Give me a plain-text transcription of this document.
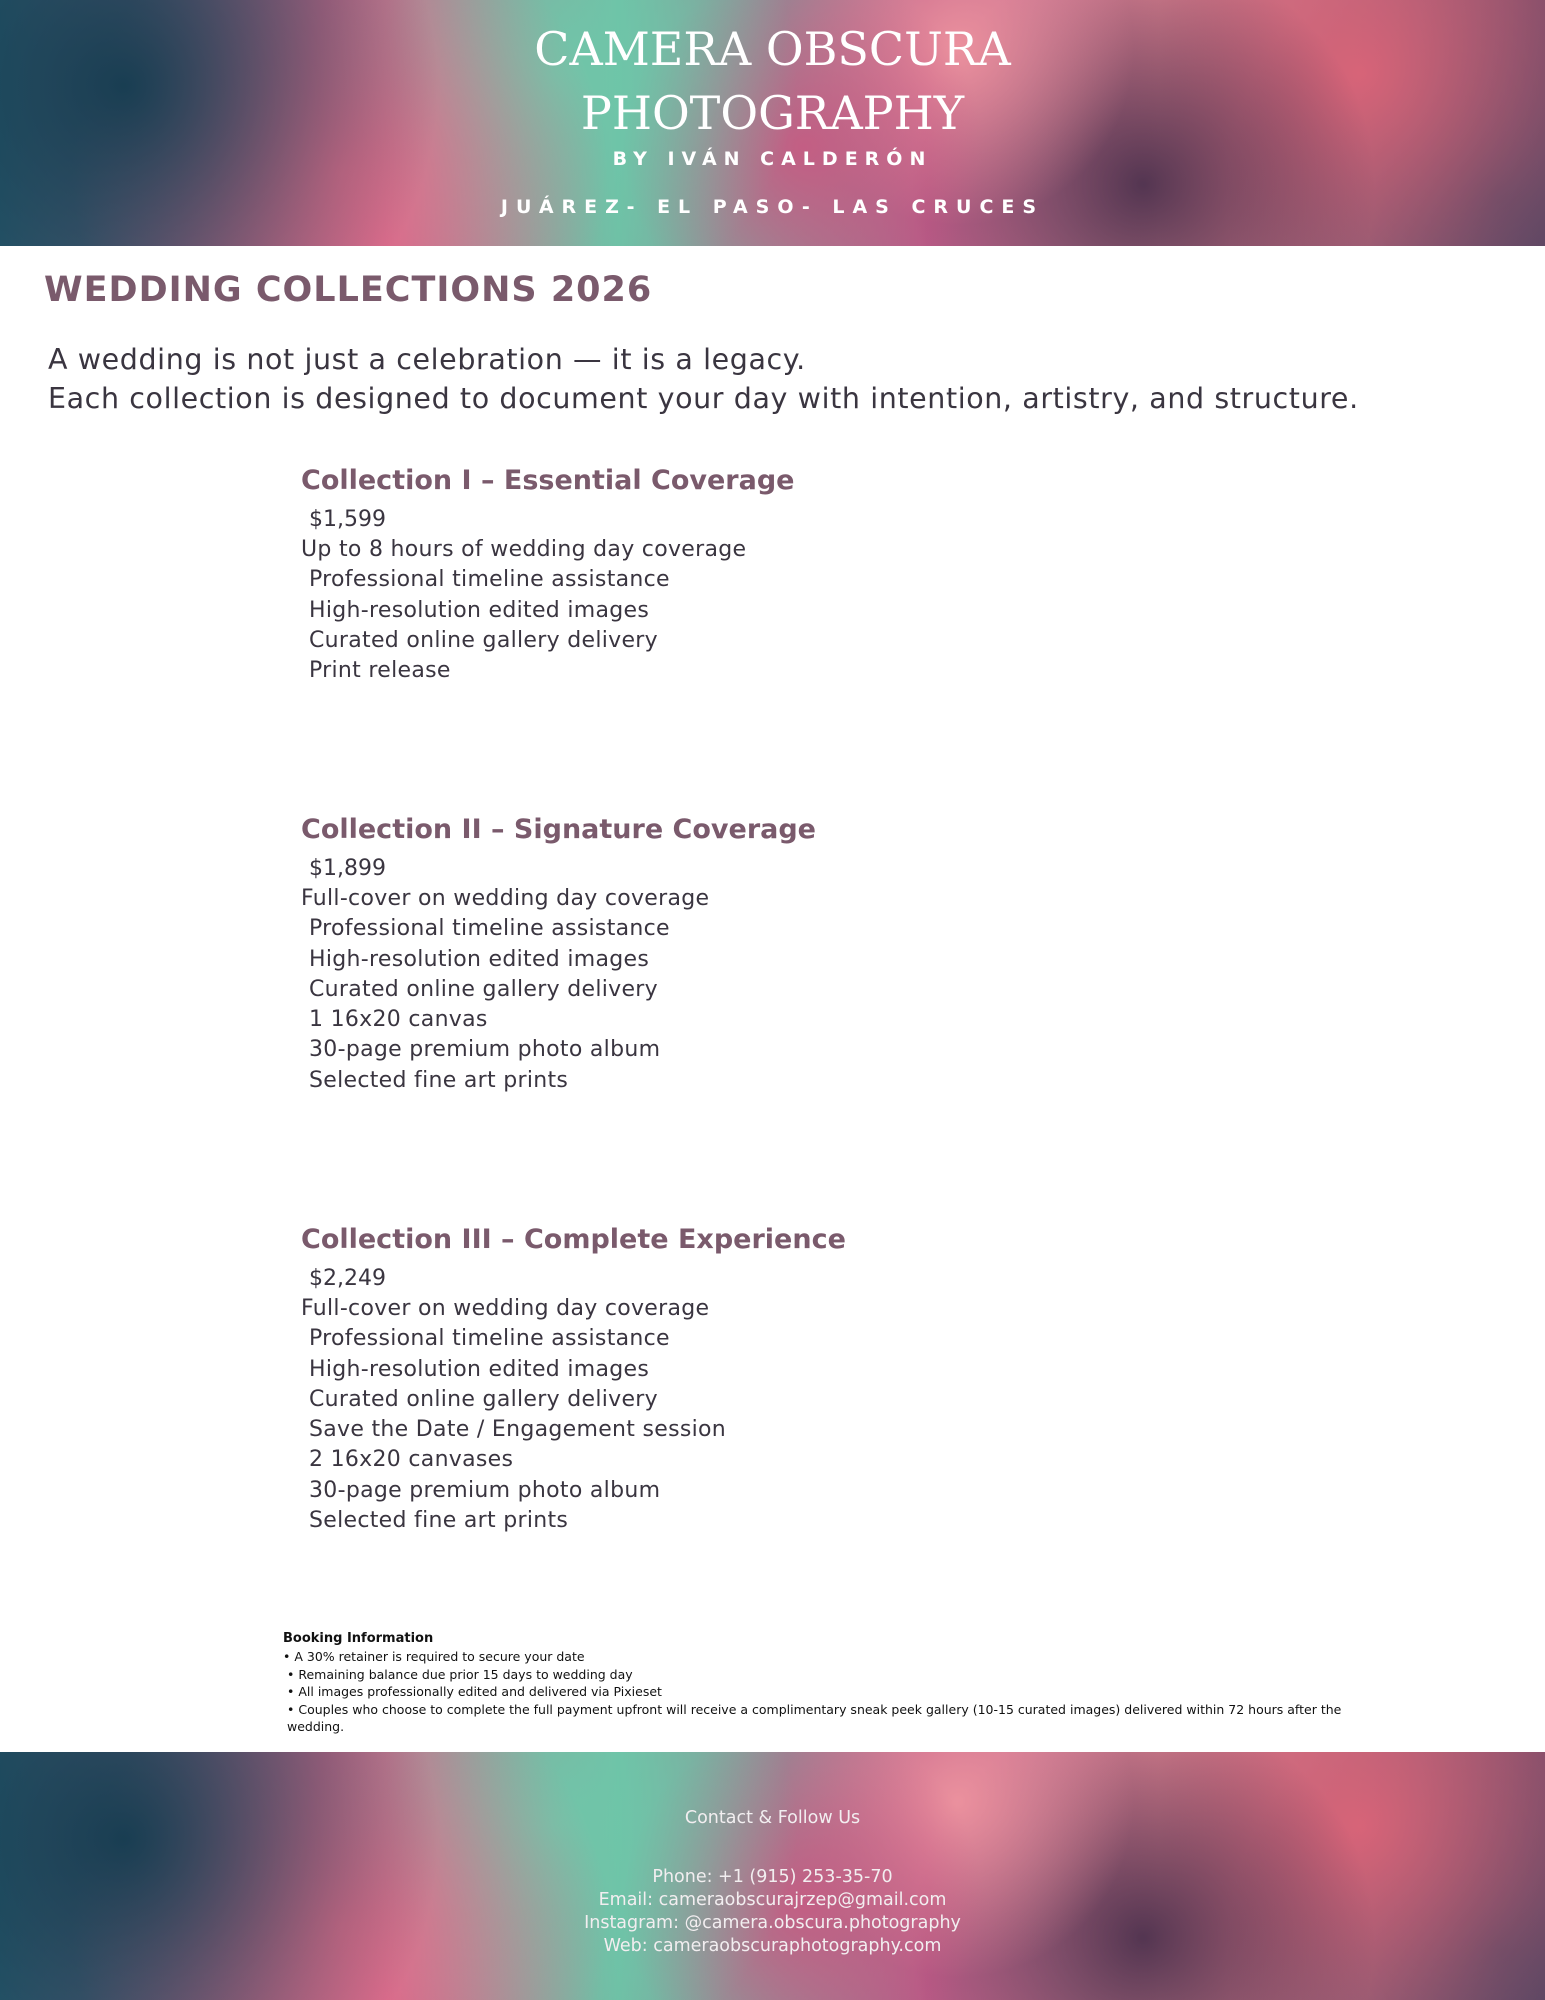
CAMERA OBSCURA
PHOTOGRAPHY
BY IVÁN CALDERÓN
JUÁREZ- EL PASO- LAS CRUCES
WEDDING COLLECTIONS 2026
A wedding is not just a celebration — it is a legacy.
Each collection is designed to document your day with intention, artistry, and structure.
Collection I – Essential Coverage
$1,599
Up to 8 hours of wedding day coverage
Professional timeline assistance
High-resolution edited images
Curated online gallery delivery
Print release
Collection II – Signature Coverage
$1,899
Full-cover on wedding day coverage
Professional timeline assistance
High-resolution edited images
Curated online gallery delivery
1 16x20 canvas
30-page premium photo album
Selected fine art prints
Collection III – Complete Experience
$2,249
Full-cover on wedding day coverage
Professional timeline assistance
High-resolution edited images
Curated online gallery delivery
Save the Date / Engagement session
2 16x20 canvases
30-page premium photo album
Selected fine art prints
Booking Information
• A 30% retainer is required to secure your date
• Remaining balance due prior 15 days to wedding day
• All images professionally edited and delivered via Pixieset
• Couples who choose to complete the full payment upfront will receive a complimentary sneak peek gallery (10-15 curated images) delivered within 72 hours after the wedding.
Contact & Follow Us
Phone: +1 (915) 253-35-70
Email: cameraobscurajrzep@gmail.com
Instagram: @camera.obscura.photography
Web: cameraobscuraphotography.com
